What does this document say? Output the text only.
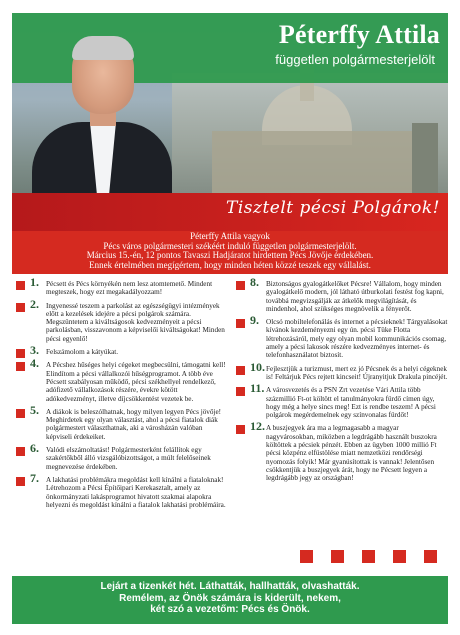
Péterffy Attila
független polgármesterjelölt
Tisztelt pécsi Polgárok!
Péterffy Attila vagyok
Pécs város polgármesteri székéért induló független polgármesterjelölt.
Március 15.-én, 12 pontos Tavaszi Hadjáratot hirdettem Pécs Jövője érdekében.
Ennek értelmében megígértem, hogy minden héten közzé teszek egy vállalást.
1. Pécsett és Pécs környékén nem lesz atomtemető. Mindent megteszek, hogy ezt megakadályozzam!
2. Ingyenessé teszem a parkolást az egészségügyi intézmények előtt a kezelések idejére a pécsi polgárok számára. Megszüntetem a kiváltságosok kedvezményeit a pécsi parkolásban, visszavonom a képviselői kiváltságokat! Minden pécsi egyenlő!
3. Felszámolom a kátyúkat.
4. A Pécshez hűséges helyi cégeket megbecsülni, támogatni kell! Elindítom a pécsi vállalkozói hűségprogramot. A több éve Pécsett szabályosan működő, pécsi székhellyel rendelkező, adófizető vállalkozások részére, évekre kötött adókedvezményt, illetve díjcsökkentést vezetek be.
5. A diákok is beleszólhatnak, hogy milyen legyen Pécs jövője! Meghirdetek egy olyan választást, ahol a pécsi fiatalok diák polgármestert választhatnak, aki a városházán valóban képviseli érdekeiket.
6. Valódi elszámoltatást! Polgármesterként felállítok egy szakértőkből álló vizsgálóbizottságot, a múlt felelőseinek megnevezése érdekében.
7. A lakhatási problémákra megoldást kell kínálni a fiataloknak! Létrehozom a Pécsi Építőipari Kerekasztalt, amely az önkormányzati lakásprogramot hivatott szakmai alapokra helyezni és megoldást kínálni a fiatalok lakhatási problémáira.
8. Biztonságos gyalogátkelőket Pécsre! Vállalom, hogy minden gyalogátkelő modern, jól látható útburkolati festést fog kapni, továbbá megvizsgálják az átkelők megvilágítását, és mindenhol, ahol szükséges megnövelik a fényerőt.
9. Olcsó mobiltelefonálás és internet a pécsieknek! Tárgyalásokat kívánok kezdeményezni egy ún. pécsi Tüke Flotta létrehozásáról, mely egy olyan mobil kommunikációs csomag, amely a pécsi lakosok részére kedvezményes internet- és telefonhasználatot biztosít.
10. Fejlesztjük a turizmust, mert ez jó Pécsnek és a helyi cégeknek is! Feltárjuk Pécs rejtett kincseit! Újranyitjuk Drakula pincéjét.
11. A városvezetés és a PSN Zrt vezetése Vári Attila több százmillió Ft-ot költött el tanulmányokra fürdő címen úgy, hogy még a helye sincs meg! Ezt is rendbe teszem! A pécsi polgárok megérdemelnek egy színvonalas fürdőt!
12. A buszjegyek ára ma a legmagasabb a magyar nagyvárosokban, miközben a legdrágább használt buszokra költöttek a pécsiek pénzét. Ebben az ügyben 1000 millió Ft pécsi közpénz elfüstölése miatt nemzetközi rendőrségi nyomozás folyik! Már gyanúsítottak is vannak! Jelentősen csökkentjük a buszjegyek árát, hogy ne Pécsett legyen a legdrágább jegy az országban!
Lejárt a tizenkét hét. Láthatták, hallhatták, olvashatták.
Remélem, az Önök számára is kiderült, nekem,
két szó a vezetőm: Pécs és Önök.
